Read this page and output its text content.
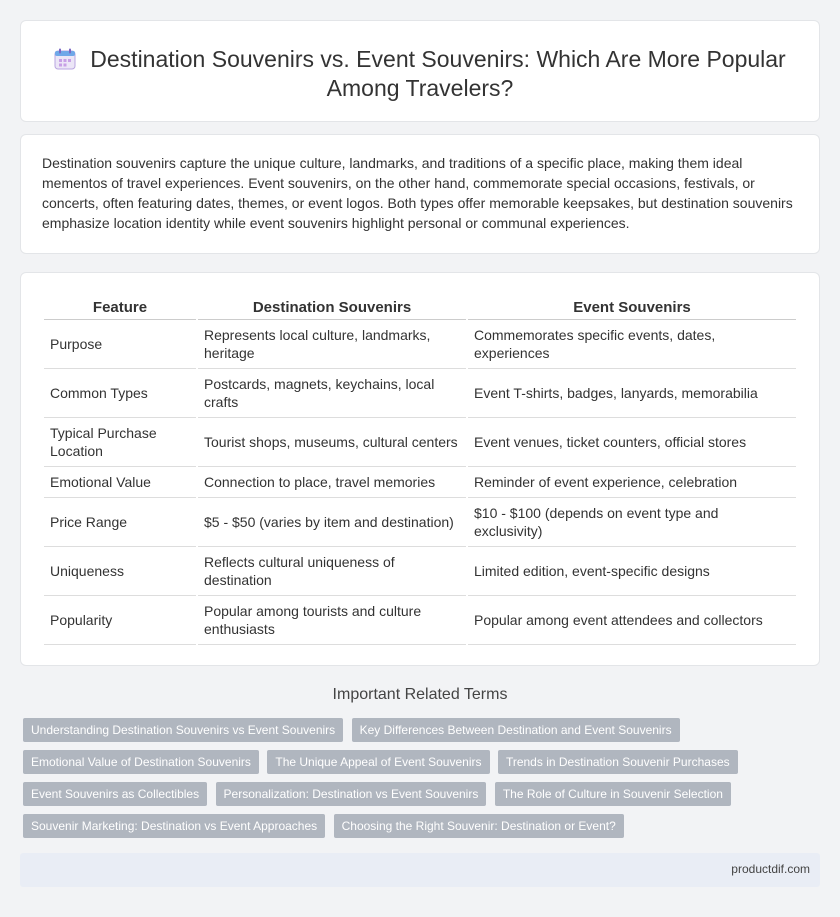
Destination Souvenirs vs. Event Souvenirs: Which Are More Popular Among Travelers?
Destination souvenirs capture the unique culture, landmarks, and traditions of a specific place, making them ideal mementos of travel experiences. Event souvenirs, on the other hand, commemorate special occasions, festivals, or concerts, often featuring dates, themes, or event logos. Both types offer memorable keepsakes, but destination souvenirs emphasize location identity while event souvenirs highlight personal or communal experiences.
Feature	Destination Souvenirs	Event Souvenirs
Purpose	Represents local culture, landmarks, heritage	Commemorates specific events, dates, experiences
Common Types	Postcards, magnets, keychains, local crafts	Event T-shirts, badges, lanyards, memorabilia
Typical Purchase Location	Tourist shops, museums, cultural centers	Event venues, ticket counters, official stores
Emotional Value	Connection to place, travel memories	Reminder of event experience, celebration
Price Range	$5 - $50 (varies by item and destination)	$10 - $100 (depends on event type and exclusivity)
Uniqueness	Reflects cultural uniqueness of destination	Limited edition, event-specific designs
Popularity	Popular among tourists and culture enthusiasts	Popular among event attendees and collectors
Important Related Terms
Understanding Destination Souvenirs vs Event Souvenirs Key Differences Between Destination and Event Souvenirs
Emotional Value of Destination Souvenirs The Unique Appeal of Event Souvenirs Trends in Destination Souvenir Purchases
Event Souvenirs as Collectibles Personalization: Destination vs Event Souvenirs The Role of Culture in Souvenir Selection
Souvenir Marketing: Destination vs Event Approaches Choosing the Right Souvenir: Destination or Event?
productdif.com
